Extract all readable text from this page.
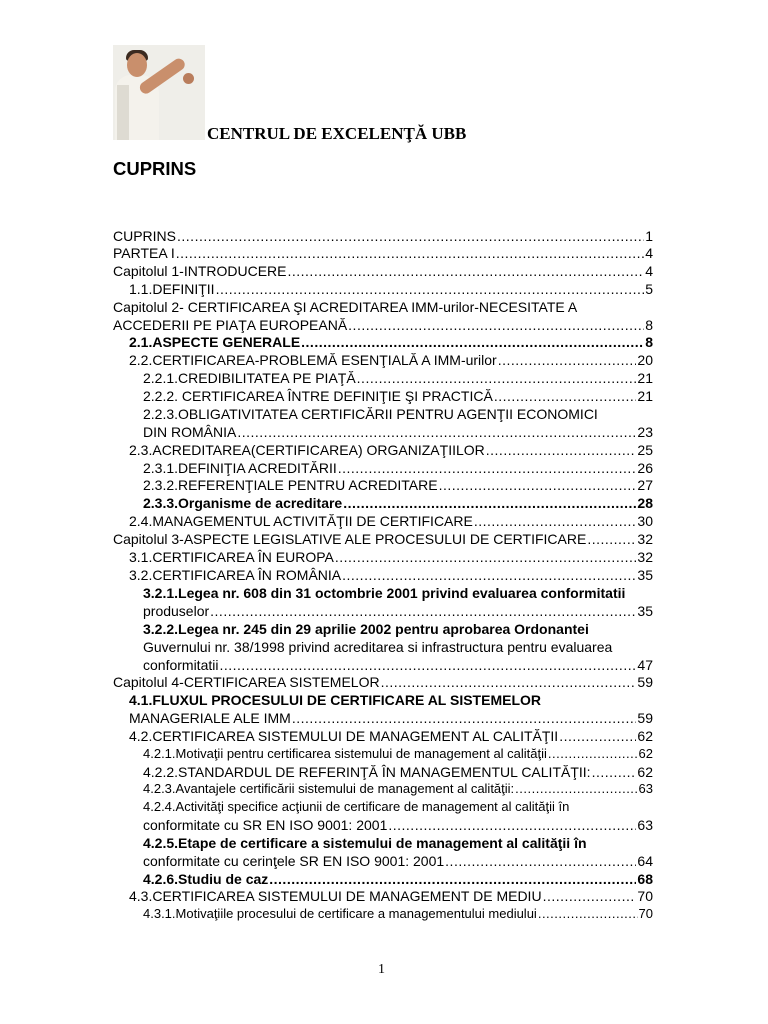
CENTRUL DE EXCELENŢĂ UBB
CUPRINS
CUPRINS .....	1
PARTEA I .....	4
Capitolul 1-INTRODUCERE .....	4
1.1.DEFINIŢII .....	5
Capitolul 2- CERTIFICAREA ŞI ACREDITAREA IMM-urilor-NECESITATE A
ACCEDERII PE PIAŢA EUROPEANĂ .....	8
2.1.ASPECTE GENERALE .....	8
2.2.CERTIFICAREA-PROBLEMĂ ESENŢIALĂ A IMM-urilor .....	20
2.2.1.CREDIBILITATEA PE PIAŢĂ .....	21
2.2.2. CERTIFICAREA ÎNTRE DEFINIŢIE ŞI PRACTICĂ .....	21
2.2.3.OBLIGATIVITATEA CERTIFICĂRII PENTRU AGENŢII ECONOMICI
DIN ROMÂNIA .....	23
2.3.ACREDITAREA(CERTIFICAREA) ORGANIZAŢIILOR .....	25
2.3.1.DEFINIŢIA ACREDITĂRII .....	26
2.3.2.REFERENŢIALE PENTRU ACREDITARE .....	27
2.3.3.Organisme de acreditare .....	28
2.4.MANAGEMENTUL ACTIVITĂŢII DE CERTIFICARE .....	30
Capitolul 3-ASPECTE LEGISLATIVE ALE PROCESULUI DE CERTIFICARE .....	32
3.1.CERTIFICAREA ÎN EUROPA .....	32
3.2.CERTIFICAREA ÎN ROMÂNIA .....	35
3.2.1.Legea nr. 608 din 31 octombrie 2001 privind evaluarea conformitatii
produselor .....	35
3.2.2.Legea nr. 245 din 29 aprilie 2002 pentru aprobarea Ordonantei
Guvernului nr. 38/1998 privind acreditarea si infrastructura pentru evaluarea
conformitatii .....	47
Capitolul 4-CERTIFICAREA SISTEMELOR .....	59
4.1.FLUXUL PROCESULUI DE CERTIFICARE AL SISTEMELOR
MANAGERIALE ALE IMM .....	59
4.2.CERTIFICAREA SISTEMULUI DE MANAGEMENT AL CALITĂŢII .....	62
4.2.1.Motivaţii pentru certificarea sistemului de management al calităţii .....	62
4.2.2.STANDARDUL DE REFERINŢĂ ÎN MANAGEMENTUL CALITĂŢII: .....	62
4.2.3.Avantajele certificării sistemului de management al calităţii: .....	63
4.2.4.Activităţi specifice acţiunii de certificare de management al calităţii în
conformitate cu SR EN ISO 9001: 2001 .....	63
4.2.5.Etape de certificare a sistemului de management al calităţii în
conformitate cu cerinţele SR EN ISO 9001: 2001 .....	64
4.2.6.Studiu de caz .....	68
4.3.CERTIFICAREA SISTEMULUI DE MANAGEMENT DE MEDIU .....	70
4.3.1.Motivaţiile procesului de certificare a managementului mediului .....	70
1
